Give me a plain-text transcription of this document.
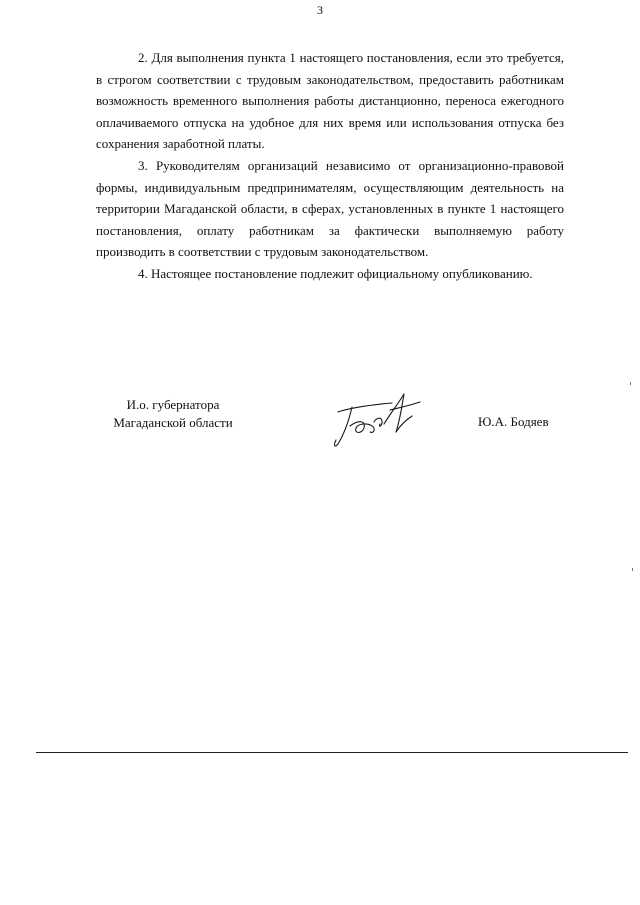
3

2. Для выполнения пункта 1 настоящего постановления, если это требуется, в строгом соответствии с трудовым законодательством, предоставить работникам возможность временного выполнения работы дистанционно, переноса ежегодного оплачиваемого отпуска на удобное для них время или использования отпуска без сохранения заработной платы.

3. Руководителям организаций независимо от организационно-правовой формы, индивидуальным предпринимателям, осуществляющим деятельность на территории Магаданской области, в сферах, установленных в пункте 1 настоящего постановления, оплату работникам за фактически выполняемую работу производить в соответствии с трудовым законодательством.

4. Настоящее постановление подлежит официальному опубликованию.

И.о. губернатора
Магаданской области	Ю.А. Бодяев
